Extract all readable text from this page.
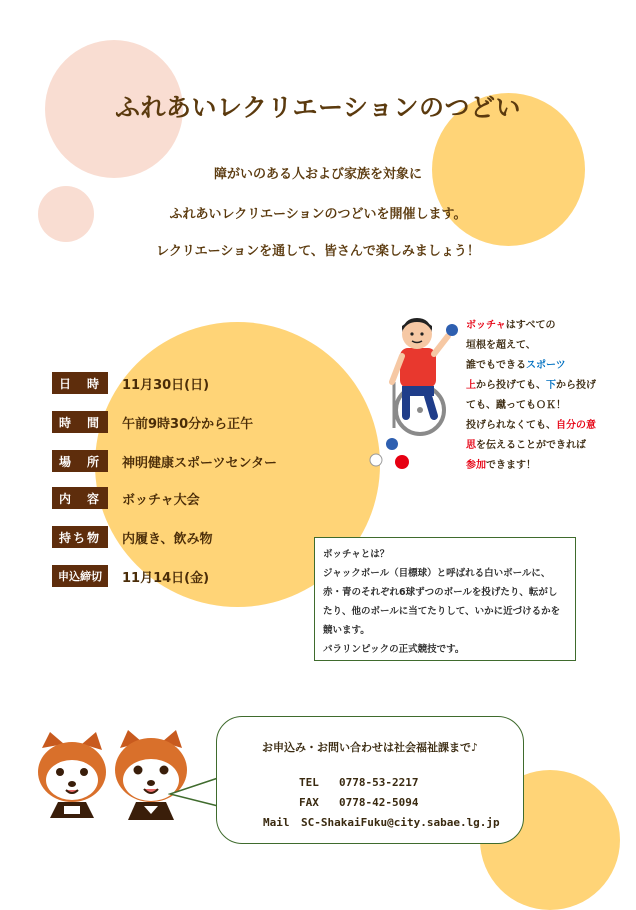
ふれあいレクリエーションのつどい
障がいのある人および家族を対象に
ふれあいレクリエーションのつどいを開催します。
レクリエーションを通して、皆さんで楽しみましょう！
ボッチャはすべての
垣根を超えて、
誰でもできるスポーツ
上から投げても、下から投げ
ても、蹴ってもＯＫ！
投げられなくても、自分の意
思を伝えることができれば
参加できます！
日　時	11月30日(日)
時　間	午前9時30分から正午
場　所	神明健康スポーツセンター
内　容	ボッチャ大会
持ち物	内履き、飲み物
申込締切	11月14日(金)
ボッチャとは？
ジャックボール（目標球）と呼ばれる白いボールに、
赤・青のそれぞれ6球ずつのボールを投げたり、転がし
たり、他のボールに当てたりして、いかに近づけるかを
競います。
パラリンピックの正式競技です。
お申込み・お問い合わせは社会福祉課まで♪
TEL 0778-53-2217
FAX 0778-42-5094
Mail SC-ShakaiFuku@city.sabae.lg.jp
